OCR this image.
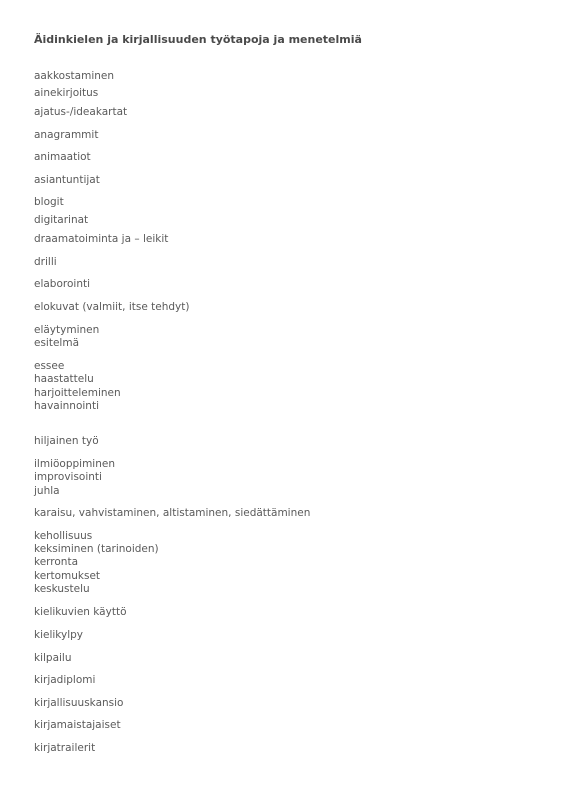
Äidinkielen ja kirjallisuuden työtapoja ja menetelmiä
aakkostaminen
ainekirjoitus
ajatus-/ideakartat
anagrammit
animaatiot
asiantuntijat
blogit
digitarinat
draamatoiminta ja – leikit
drilli
elaborointi
elokuvat (valmiit, itse tehdyt)
eläytyminen
esitelmä
essee
haastattelu
harjoitteleminen
havainnointi
hiljainen työ
ilmiöoppiminen
improvisointi
juhla
karaisu, vahvistaminen, altistaminen, siedättäminen
kehollisuus
keksiminen (tarinoiden)
kerronta
kertomukset
keskustelu
kielikuvien käyttö
kielikylpy
kilpailu
kirjadiplomi
kirjallisuuskansio
kirjamaistajaiset
kirjatrailerit
